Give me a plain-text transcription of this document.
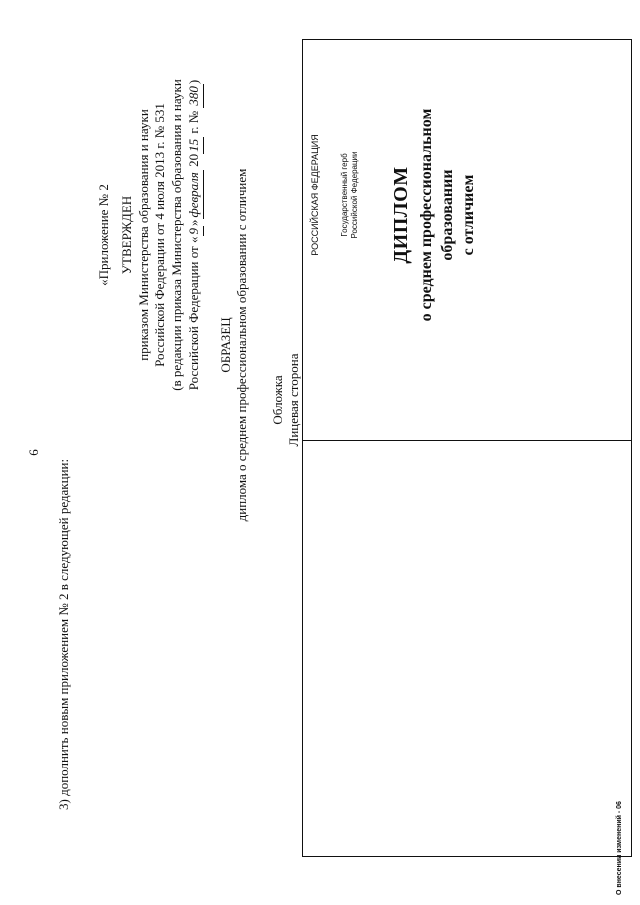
6
3) дополнить новым приложением № 2 в следующей редакции:
«Приложение № 2 УТВЕРЖДЕН приказом Министерства образования и науки Российской Федерации от 4 июля 2013 г. № 531 (в редакции приказа Министерства образования и науки Российской Федерации от «9»февраля 2015 г. № 380)
ОБРАЗЕЦ диплома о среднем профессиональном образовании с отличием Обложка Лицевая сторона
РОССИЙСКАЯ ФЕДЕРАЦИЯ	Государственный герб Российской Федерации ДИПЛОМ о среднем профессиональном образовании с отличием
О внесении изменений - 06
